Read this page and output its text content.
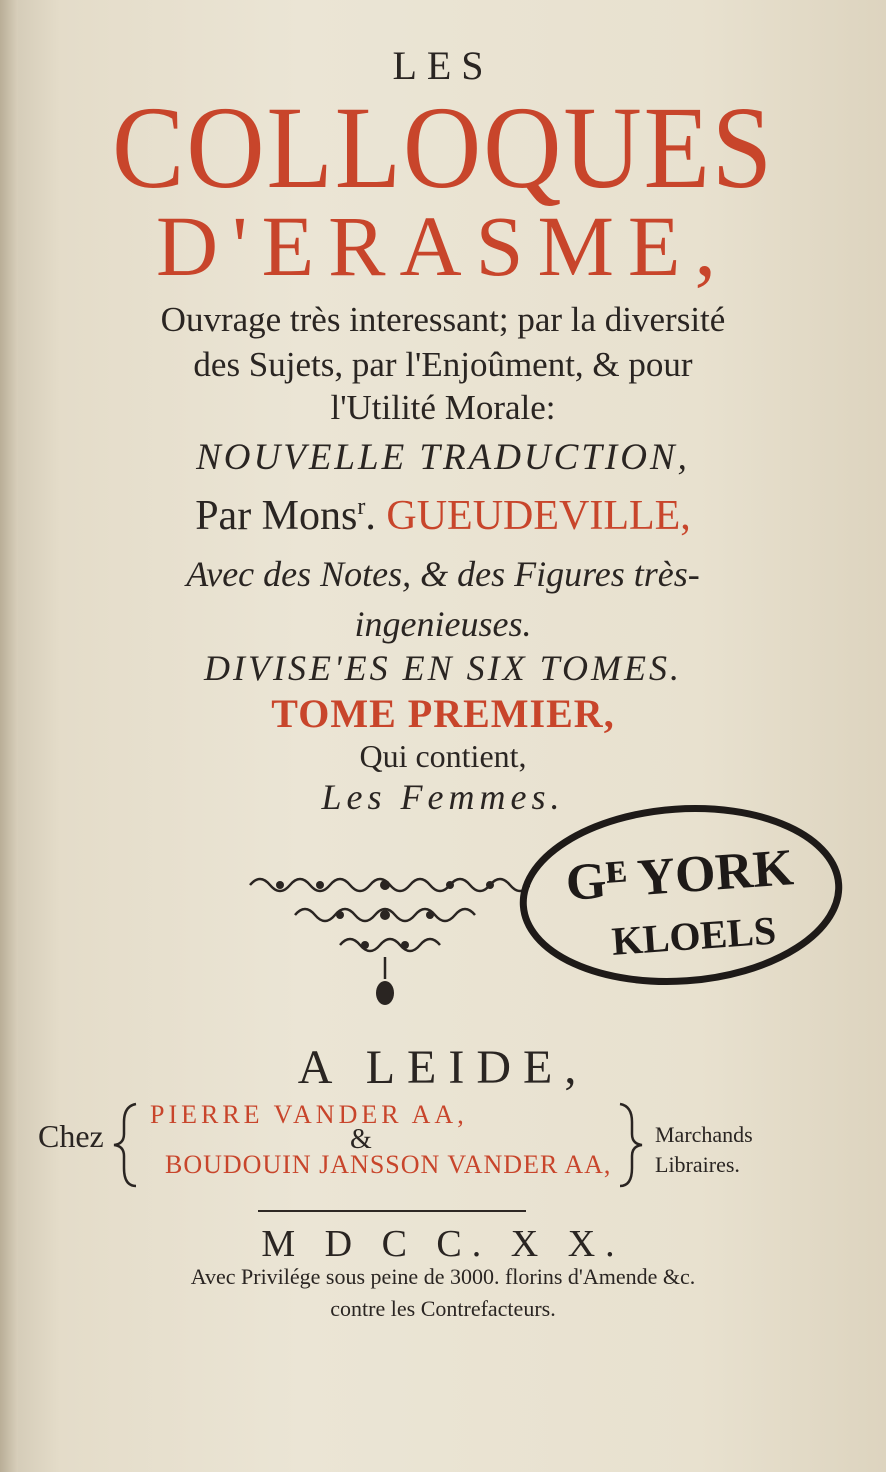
LES
COLLOQUES
D'ERASME,
Ouvrage très interessant; par la diversité
des Sujets, par l'Enjoûment, & pour
l'Utilité Morale:
NOUVELLE TRADUCTION,
Par Mons$^r$. GUEUDEVILLE,
Avec des Notes, & des Figures très-
ingenieuses.
DIVISE'ES EN SIX TOMES.
TOME PREMIER,
Qui contient,
Les Femmes.
Gᴱ YORK
KLOELS
A LEIDE,
Chez
PIERRE VANDER AA,
&
BOUDOUIN JANSSON VANDER AA,
Marchands
Libraires.
M D C C. X X.
Avec Privilége sous peine de 3000. florins d'Amende &c.
contre les Contrefacteurs.
